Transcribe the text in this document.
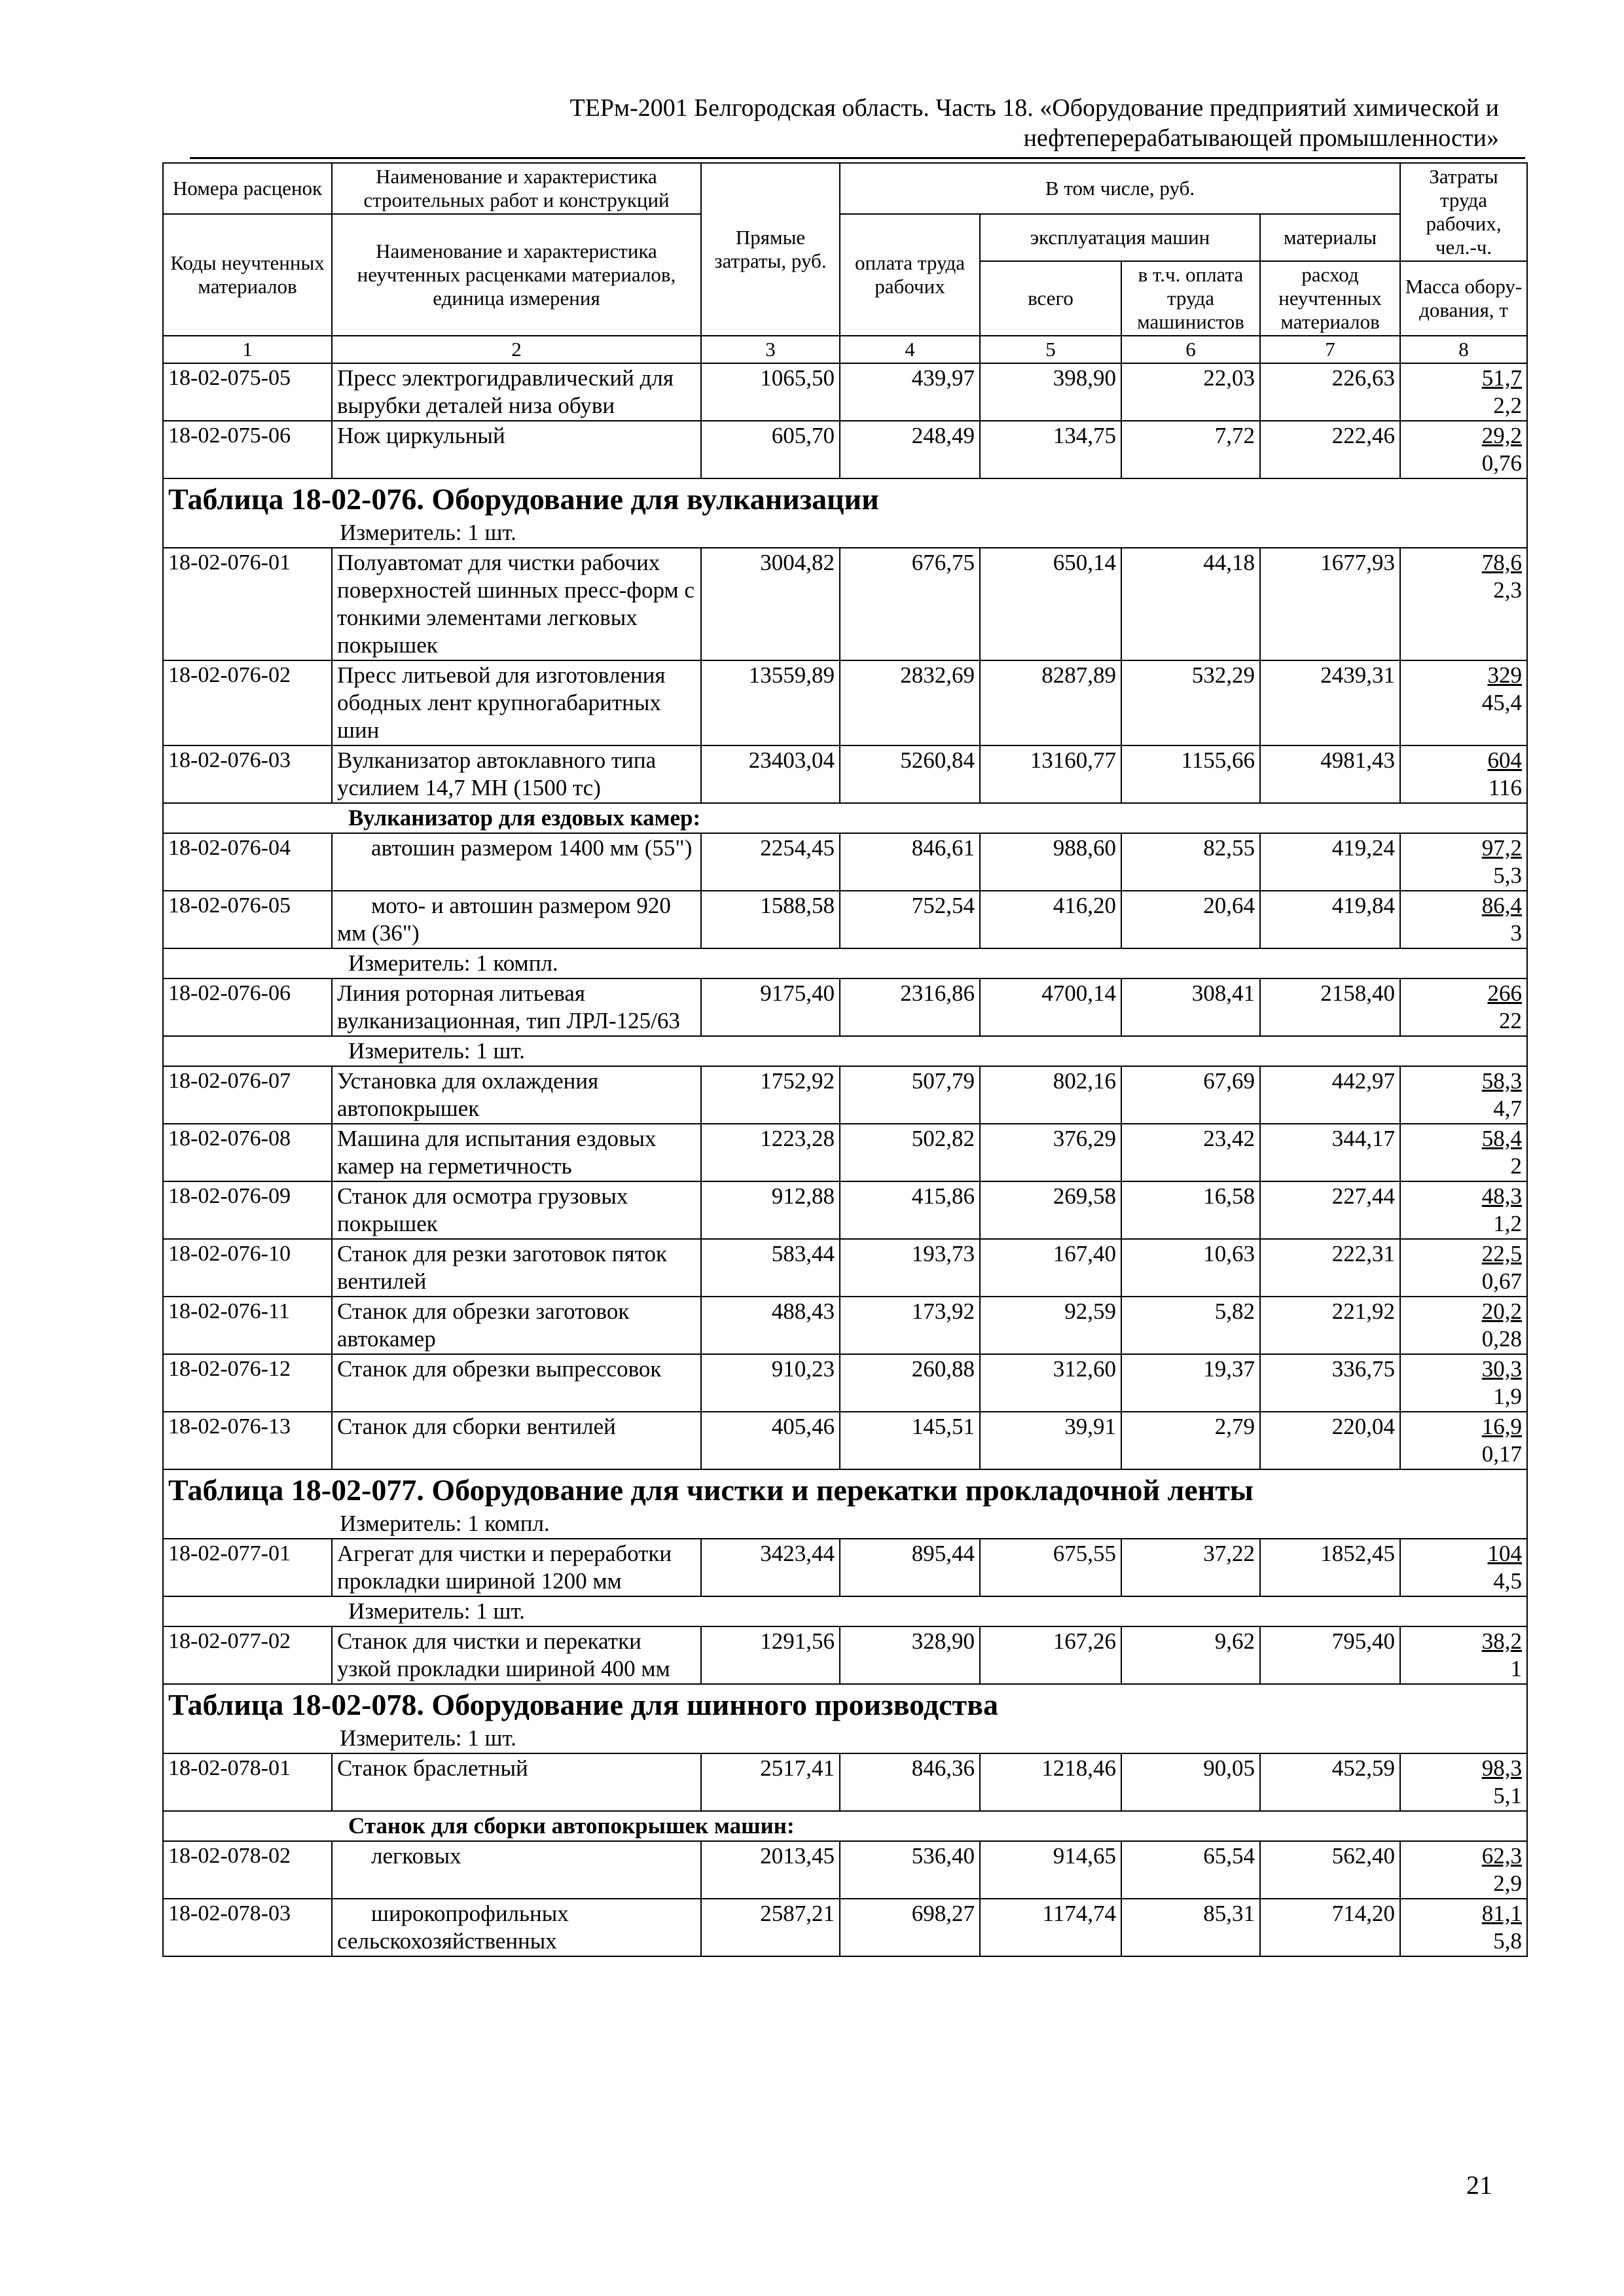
ТЕРм-2001 Белгородская область. Часть 18. «Оборудование предприятий химической и
нефтеперерабатывающей промышленности»
Номера расценок	Наименование и характеристика строительных работ и конструкций	Прямые затраты, руб.	В том числе, руб.				Затраты труда рабочих, чел.-ч.
Коды неучтенных материалов	Наименование и характеристика неучтенных расценками материалов, единица измерения		оплата труда рабочих	эксплуатация машин		материалы	
				всего	в т.ч. оплата труда машинистов	расход неучтенных материалов	Масса обору-дования, т
1	2	3	4	5	6	7	8
18-02-075-05	Пресс электрогидравлический для вырубки деталей низа обуви	1065,50	439,97	398,90	22,03	226,63	51,7
2,2

18-02-075-06	Нож циркульный	605,70	248,49	134,75	7,72	222,46	29,2
0,76

Таблица 18-02-076. Оборудование для вулканизации
Измеритель: 1 шт.							

18-02-076-01	Полуавтомат для чистки рабочих поверхностей шинных пресс-форм с тонкими элементами легковых покрышек	3004,82	676,75	650,14	44,18	1677,93	78,6
2,3

18-02-076-02	Пресс литьевой для изготовления ободных лент крупногабаритных шин	13559,89	2832,69	8287,89	532,29	2439,31	329
45,4

18-02-076-03	Вулканизатор автоклавного типа усилием 14,7 МН (1500 тс)	23403,04	5260,84	13160,77	1155,66	4981,43	604
116

Вулканизатор для ездовых камер:							
18-02-076-04	автошин размером 1400 мм (55")	2254,45	846,61	988,60	82,55	419,24	97,2
5,3

18-02-076-05	мото- и автошин размером 920 мм (36")	1588,58	752,54	416,20	20,64	419,84	86,4
3

Измеритель: 1 компл.							
18-02-076-06	Линия роторная литьевая вулканизационная, тип ЛРЛ-125/63	9175,40	2316,86	4700,14	308,41	2158,40	266
22

Измеритель: 1 шт.							
18-02-076-07	Установка для охлаждения автопокрышек	1752,92	507,79	802,16	67,69	442,97	58,3
4,7

18-02-076-08	Машина для испытания ездовых камер на герметичность	1223,28	502,82	376,29	23,42	344,17	58,4
2

18-02-076-09	Станок для осмотра грузовых покрышек	912,88	415,86	269,58	16,58	227,44	48,3
1,2

18-02-076-10	Станок для резки заготовок пяток вентилей	583,44	193,73	167,40	10,63	222,31	22,5
0,67

18-02-076-11	Станок для обрезки заготовок автокамер	488,43	173,92	92,59	5,82	221,92	20,2
0,28

18-02-076-12	Станок для обрезки выпрессовок	910,23	260,88	312,60	19,37	336,75	30,3
1,9

18-02-076-13	Станок для сборки вентилей	405,46	145,51	39,91	2,79	220,04	16,9
0,17

Таблица 18-02-077. Оборудование для чистки и перекатки прокладочной ленты
Измеритель: 1 компл.							

18-02-077-01	Агрегат для чистки и переработки прокладки шириной 1200 мм	3423,44	895,44	675,55	37,22	1852,45	104
4,5

Измеритель: 1 шт.							
18-02-077-02	Станок для чистки и перекатки узкой прокладки шириной 400 мм	1291,56	328,90	167,26	9,62	795,40	38,2
1

Таблица 18-02-078. Оборудование для шинного производства
Измеритель: 1 шт.							

18-02-078-01	Станок браслетный	2517,41	846,36	1218,46	90,05	452,59	98,3
5,1

Станок для сборки автопокрышек машин:							
18-02-078-02	легковых	2013,45	536,40	914,65	65,54	562,40	62,3
2,9

18-02-078-03	широкопрофильных сельскохозяйственных	2587,21	698,27	1174,74	85,31	714,20	81,1
5,8
21
